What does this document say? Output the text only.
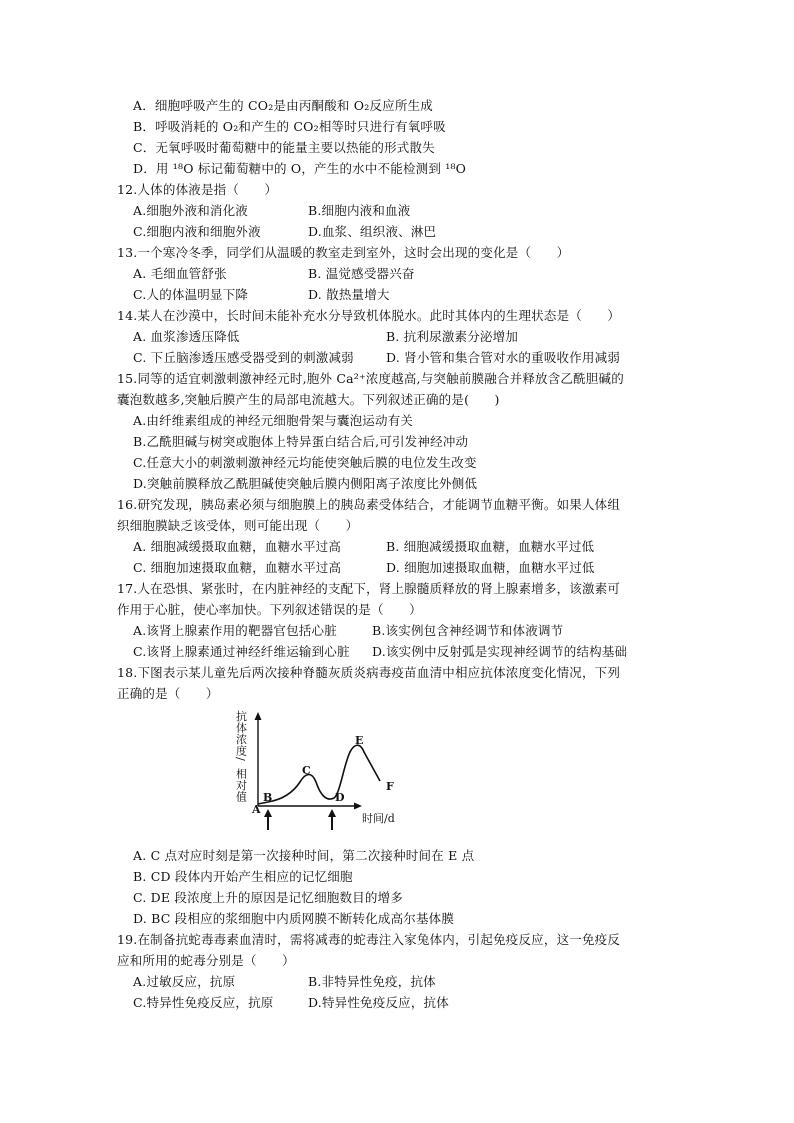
A．细胞呼吸产生的 CO₂是由丙酮酸和 O₂反应所生成
B．呼吸消耗的 O₂和产生的 CO₂相等时只进行有氧呼吸
C．无氧呼吸时葡萄糖中的能量主要以热能的形式散失
D．用 ¹⁸O 标记葡萄糖中的 O，产生的水中不能检测到 ¹⁸O
12.人体的体液是指（　　）
A.细胞外液和消化液	B.细胞内液和血液
C.细胞内液和细胞外液	D.血浆、组织液、淋巴
13.一个寒冷冬季，同学们从温暖的教室走到室外，这时会出现的变化是（　　）
A. 毛细血管舒张	B. 温觉感受器兴奋
C.人的体温明显下降	D. 散热量增大
14.某人在沙漠中，长时间未能补充水分导致机体脱水。此时其体内的生理状态是（　　）
A. 血浆渗透压降低	B. 抗利尿激素分泌增加
C. 下丘脑渗透压感受器受到的刺激减弱	D. 肾小管和集合管对水的重吸收作用减弱
15.同等的适宜刺激刺激神经元时,胞外 Ca²⁺浓度越高,与突触前膜融合并释放含乙酰胆碱的
囊泡数越多,突触后膜产生的局部电流越大。下列叙述正确的是(　　)
A.由纤维素组成的神经元细胞骨架与囊泡运动有关
B.乙酰胆碱与树突或胞体上特异蛋白结合后,可引发神经冲动
C.任意大小的刺激刺激神经元均能使突触后膜的电位发生改变
D.突触前膜释放乙酰胆碱使突触后膜内侧阳离子浓度比外侧低
16.研究发现，胰岛素必须与细胞膜上的胰岛素受体结合，才能调节血糖平衡。如果人体组
织细胞膜缺乏该受体，则可能出现（　　）
A. 细胞减缓摄取血糖，血糖水平过高	B. 细胞减缓摄取血糖，血糖水平过低
C. 细胞加速摄取血糖，血糖水平过高	D. 细胞加速摄取血糖，血糖水平过低
17.人在恐惧、紧张时，在内脏神经的支配下，肾上腺髓质释放的肾上腺素增多，该激素可
作用于心脏，使心率加快。下列叙述错误的是（　　）
A.该肾上腺素作用的靶器官包括心脏	B.该实例包含神经调节和体液调节
C.该肾上腺素通过神经纤维运输到心脏 D.该实例中反射弧是实现神经调节的结构基础
18.下图表示某儿童先后两次接种脊髓灰质炎病毒疫苗血清中相应抗体浓度变化情况，下列
正确的是（　　）
抗
体
浓
度
/
相
对
值
A
B
C
D
E
F
时间/d
A. C 点对应时刻是第一次接种时间，第二次接种时间在 E 点
B. CD 段体内开始产生相应的记忆细胞
C. DE 段浓度上升的原因是记忆细胞数目的增多
D. BC 段相应的浆细胞中内质网膜不断转化成高尔基体膜
19.在制备抗蛇毒毒素血清时，需将减毒的蛇毒注入家兔体内，引起免疫反应，这一免疫反
应和所用的蛇毒分别是（　　）
A.过敏反应，抗原	B.非特异性免疫，抗体
C.特异性免疫反应，抗原	D.特异性免疫反应，抗体
